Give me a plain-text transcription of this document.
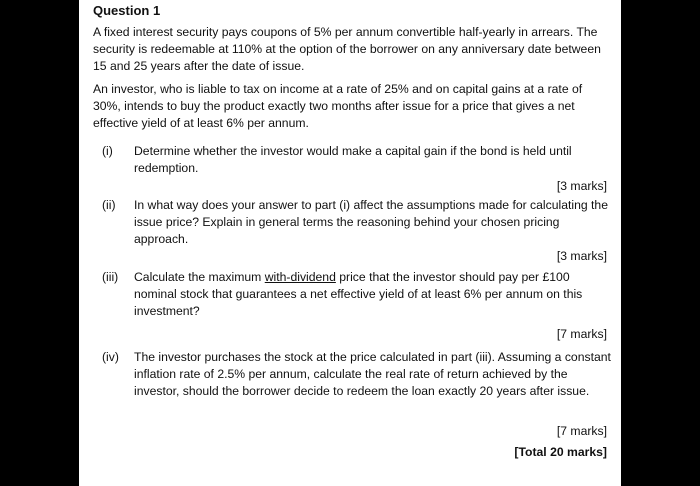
Question 1

A fixed interest security pays coupons of 5% per annum convertible half-yearly in arrears. The security is redeemable at 110% at the option of the borrower on any anniversary date between 15 and 25 years after the date of issue.

An investor, who is liable to tax on income at a rate of 25% and on capital gains at a rate of 30%, intends to buy the product exactly two months after issue for a price that gives a net effective yield of at least 6% per annum.

(i) Determine whether the investor would make a capital gain if the bond is held until redemption.

[3 marks]

(ii) In what way does your answer to part (i) affect the assumptions made for calculating the issue price? Explain in general terms the reasoning behind your chosen pricing approach.

[3 marks]

(iii) Calculate the maximum with-dividend price that the investor should pay per £100 nominal stock that guarantees a net effective yield of at least 6% per annum on this investment?

[7 marks]

(iv) The investor purchases the stock at the price calculated in part (iii). Assuming a constant inflation rate of 2.5% per annum, calculate the real rate of return achieved by the investor, should the borrower decide to redeem the loan exactly 20 years after issue.

[7 marks]

[Total 20 marks]
